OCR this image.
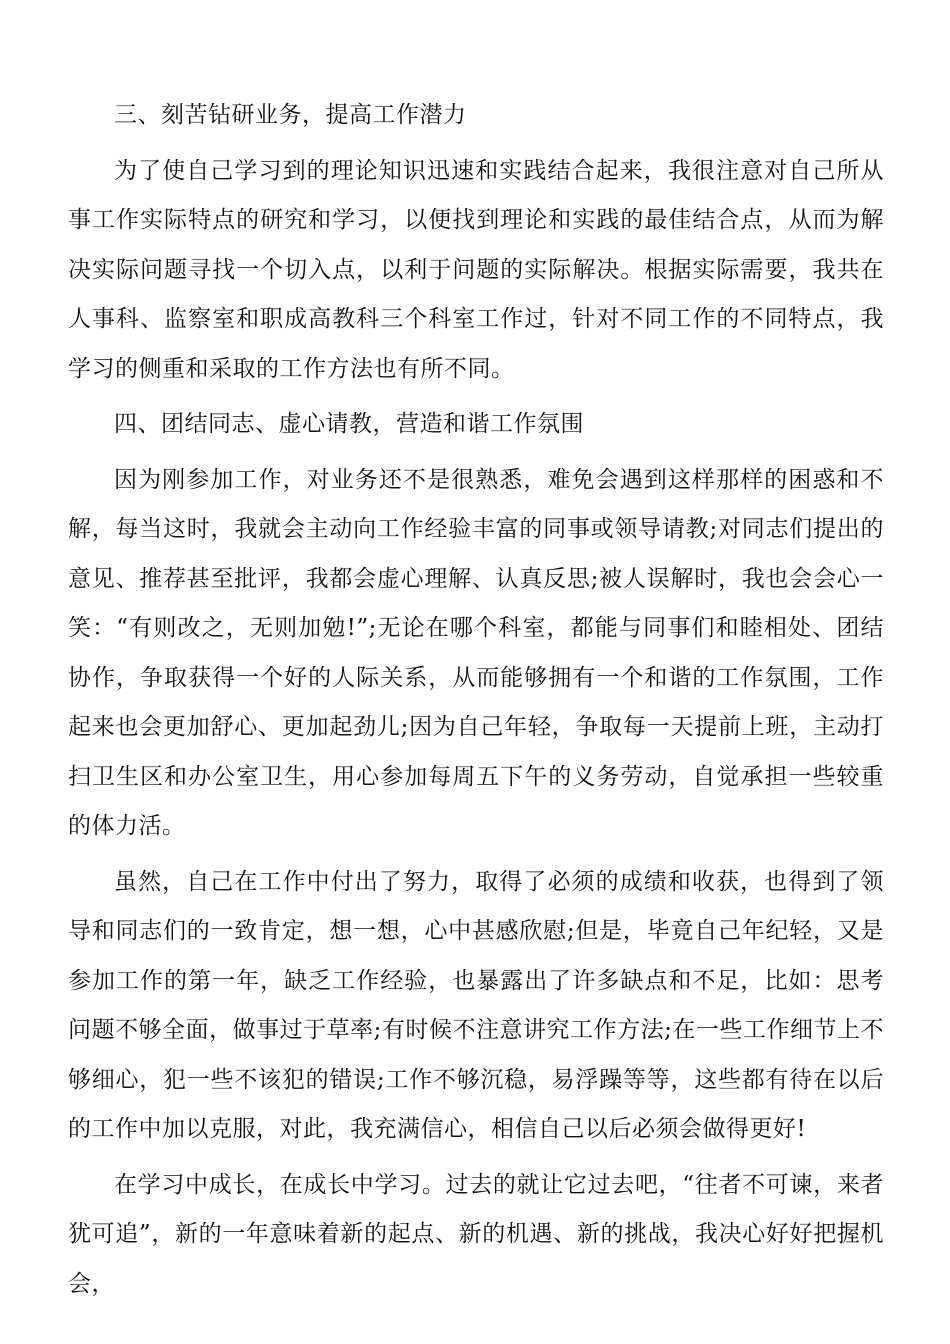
三、刻苦钻研业务，提高工作潜力

为了使自己学习到的理论知识迅速和实践结合起来，我很注意对自己所从事工作实际特点的研究和学习，以便找到理论和实践的最佳结合点，从而为解决实际问题寻找一个切入点，以利于问题的实际解决。根据实际需要，我共在人事科、监察室和职成高教科三个科室工作过，针对不同工作的不同特点，我学习的侧重和采取的工作方法也有所不同。

四、团结同志、虚心请教，营造和谐工作氛围

因为刚参加工作，对业务还不是很熟悉，难免会遇到这样那样的困惑和不解，每当这时，我就会主动向工作经验丰富的同事或领导请教;对同志们提出的意见、推荐甚至批评，我都会虚心理解、认真反思;被人误解时，我也会会心一笑：“有则改之，无则加勉!”;无论在哪个科室，都能与同事们和睦相处、团结协作，争取获得一个好的人际关系，从而能够拥有一个和谐的工作氛围，工作起来也会更加舒心、更加起劲儿;因为自己年轻，争取每一天提前上班，主动打扫卫生区和办公室卫生，用心参加每周五下午的义务劳动，自觉承担一些较重的体力活。

虽然，自己在工作中付出了努力，取得了必须的成绩和收获，也得到了领导和同志们的一致肯定，想一想，心中甚感欣慰;但是，毕竟自己年纪轻，又是参加工作的第一年，缺乏工作经验，也暴露出了许多缺点和不足，比如：思考问题不够全面，做事过于草率;有时候不注意讲究工作方法;在一些工作细节上不够细心，犯一些不该犯的错误;工作不够沉稳，易浮躁等等，这些都有待在以后的工作中加以克服，对此，我充满信心，相信自己以后必须会做得更好!

在学习中成长，在成长中学习。过去的就让它过去吧，“往者不可谏，来者犹可追”，新的一年意味着新的起点、新的机遇、新的挑战，我决心好好把握机会，
